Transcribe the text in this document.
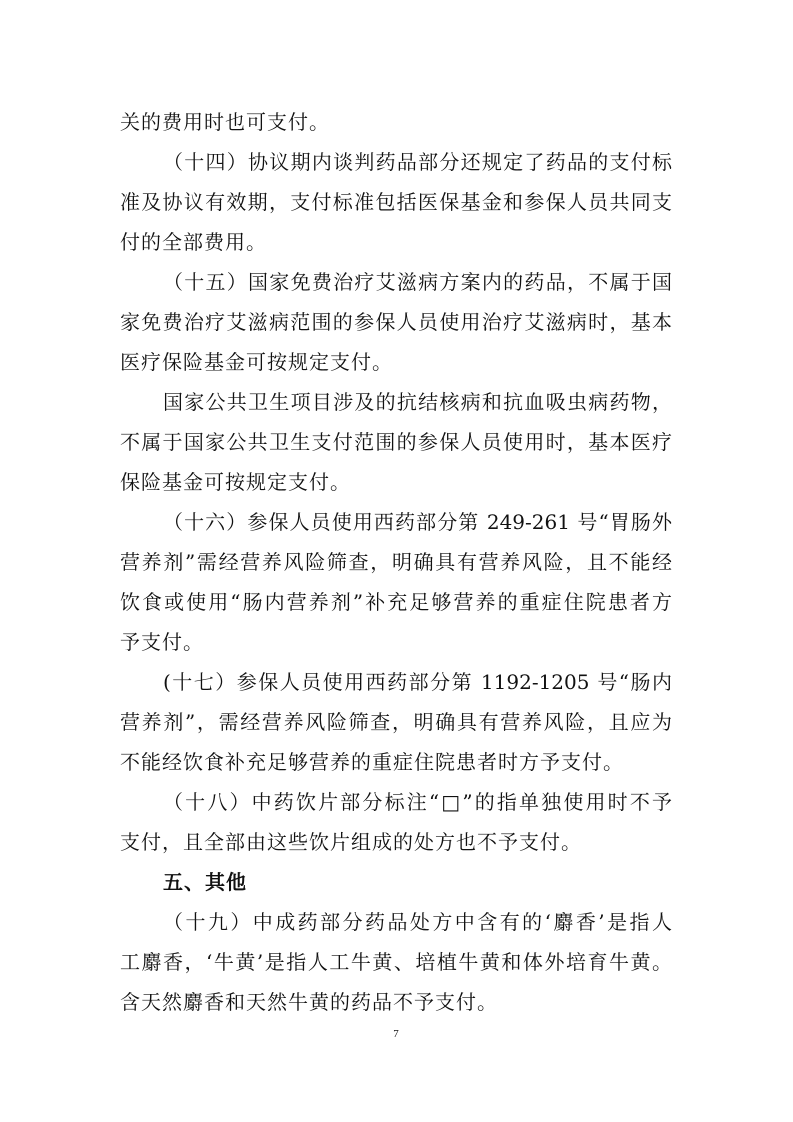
关的费用时也可支付。
（十四）协议期内谈判药品部分还规定了药品的支付标
准及协议有效期，支付标准包括医保基金和参保人员共同支
付的全部费用。
（十五）国家免费治疗艾滋病方案内的药品，不属于国
家免费治疗艾滋病范围的参保人员使用治疗艾滋病时，基本
医疗保险基金可按规定支付。
国家公共卫生项目涉及的抗结核病和抗血吸虫病药物，
不属于国家公共卫生支付范围的参保人员使用时，基本医疗
保险基金可按规定支付。
（十六）参保人员使用西药部分第 249-261 号“胃肠外
营养剂”需经营养风险筛查，明确具有营养风险，且不能经
饮食或使用“肠内营养剂”补充足够营养的重症住院患者方
予支付。
(十七）参保人员使用西药部分第 1192-1205 号“肠内
营养剂”，需经营养风险筛查，明确具有营养风险，且应为
不能经饮食补充足够营养的重症住院患者时方予支付。
（十八）中药饮片部分标注“□”的指单独使用时不予
支付，且全部由这些饮片组成的处方也不予支付。
五、其他
（十九）中成药部分药品处方中含有的‘麝香’是指人
工麝香，‘牛黄’是指人工牛黄、培植牛黄和体外培育牛黄。
含天然麝香和天然牛黄的药品不予支付。
7
